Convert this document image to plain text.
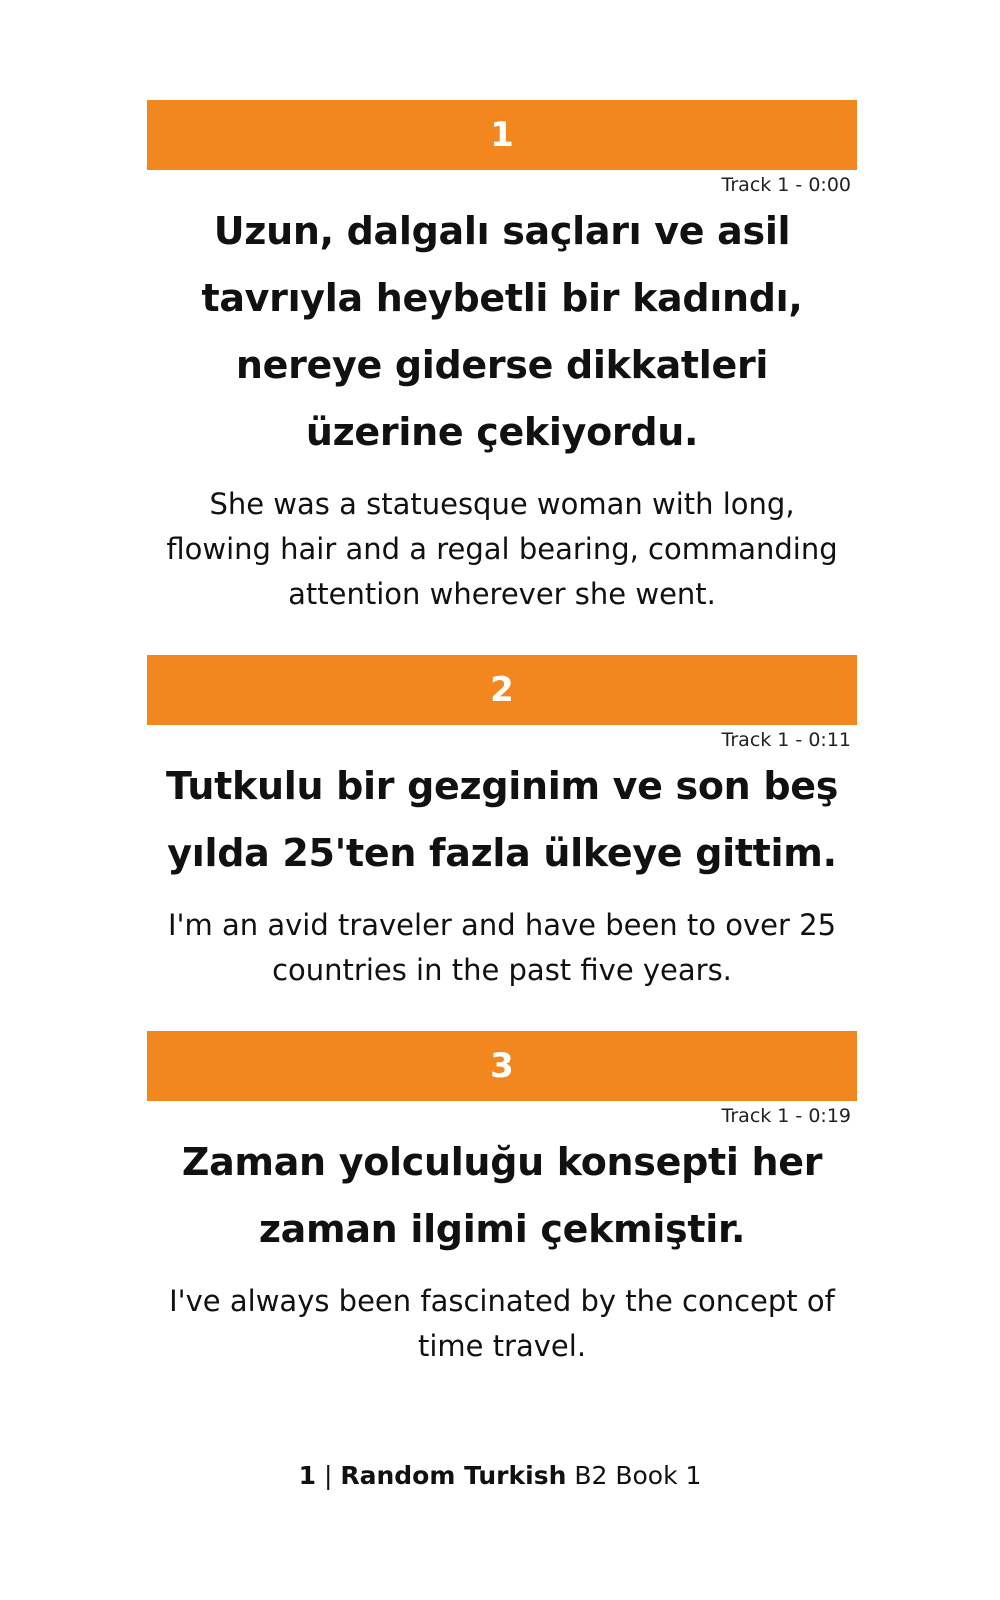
1
Track 1 - 0:00
Uzun, dalgalı saçları ve asil tavrıyla heybetli bir kadındı, nereye giderse dikkatleri üzerine çekiyordu.
She was a statuesque woman with long, flowing hair and a regal bearing, commanding attention wherever she went.
2
Track 1 - 0:11
Tutkulu bir gezginim ve son beş yılda 25'ten fazla ülkeye gittim.
I'm an avid traveler and have been to over 25 countries in the past five years.
3
Track 1 - 0:19
Zaman yolculuğu konsepti her zaman ilgimi çekmiştir.
I've always been fascinated by the concept of time travel.
1 | Random Turkish B2 Book 1
